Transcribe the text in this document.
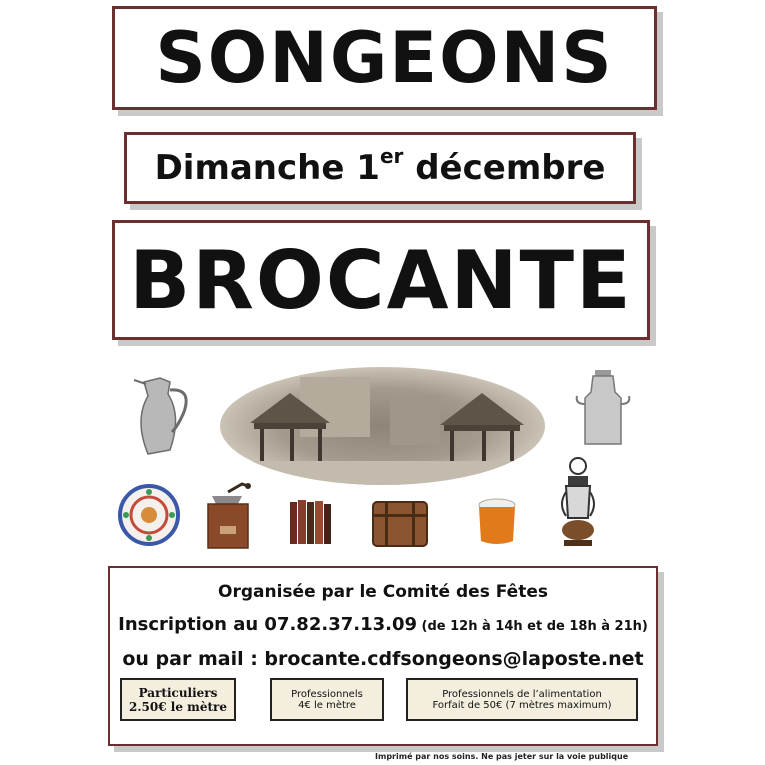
SONGEONS
Dimanche 1er décembre
BROCANTE
Organisée par le Comité des Fêtes
Inscription au 07.82.37.13.09 (de 12h à 14h et de 18h à 21h)
ou par mail : brocante.cdfsongeons@laposte.net
Particuliers
2.50€ le mètre
Professionnels
4€ le mètre
Professionnels de l’alimentation
Forfait de 50€ (7 mètres maximum)
Imprimé par nos soins. Ne pas jeter sur la voie publique
